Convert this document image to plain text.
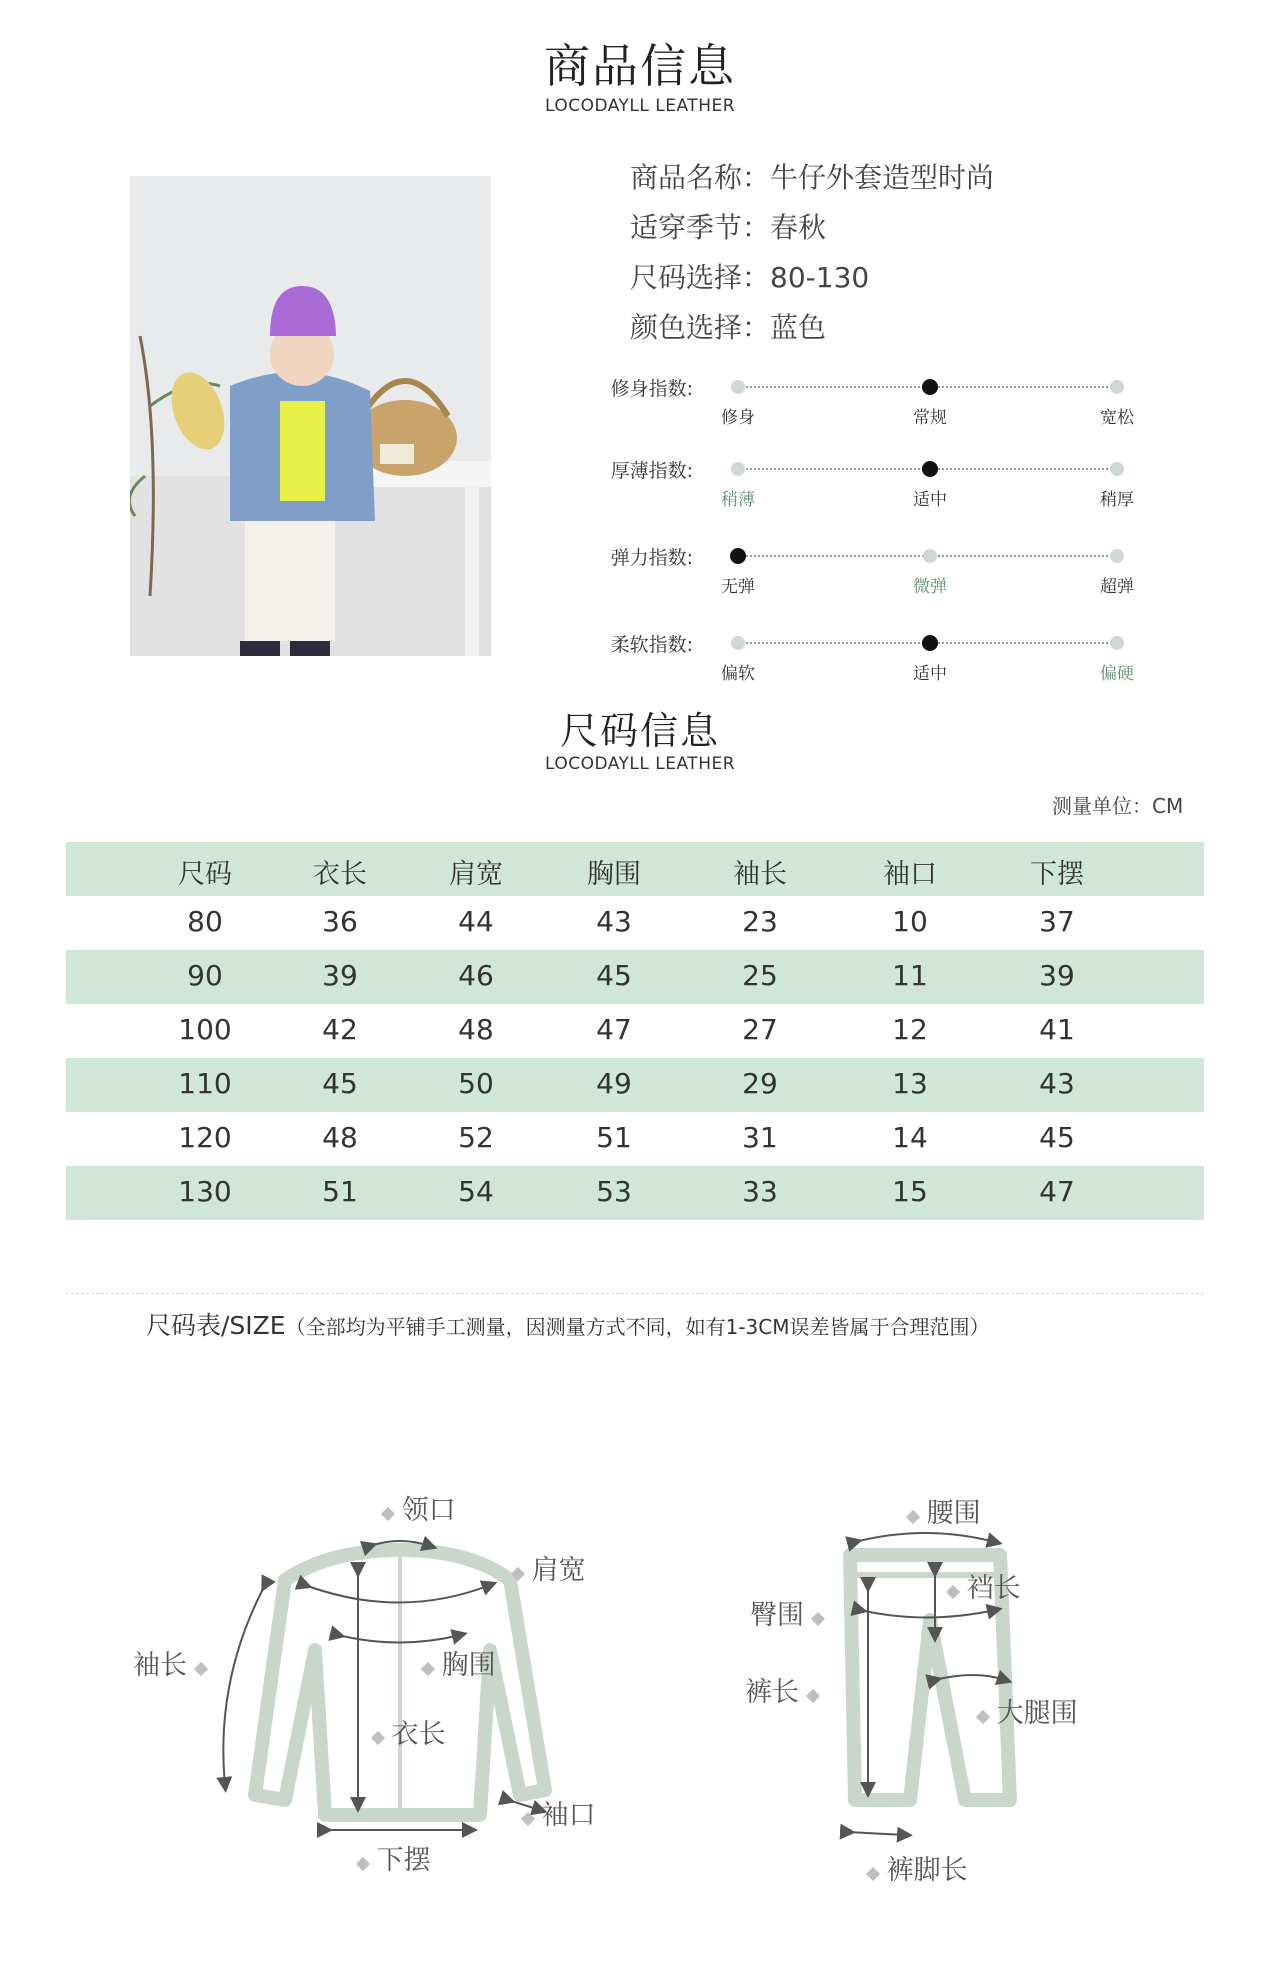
商品信息
LOCODAYLL LEATHER
商品名称：牛仔外套造型时尚
适穿季节：春秋
尺码选择：80-130
颜色选择：蓝色
修身指数:
修身	常规	宽松
厚薄指数:
稍薄	适中	稍厚
弹力指数:
无弹	微弹	超弹
柔软指数:
偏软	适中	偏硬
尺码信息
LOCODAYLL LEATHER
测量单位：CM
尺码	衣长	肩宽	胸围	袖长	袖口	下摆
80	36	44	43	23	10	37
90	39	46	45	25	11	39
100	42	48	47	27	12	41
110	45	50	49	29	13	43
120	48	52	51	31	14	45
130	51	54	53	33	15	47
尺码表/SIZE（全部均为平铺手工测量，因测量方式不同，如有1-3CM误差皆属于合理范围）
领口
肩宽
袖长	胸围
衣长
袖口
下摆
腰围
裆长
臀围
裤长
大腿围
裤脚长
